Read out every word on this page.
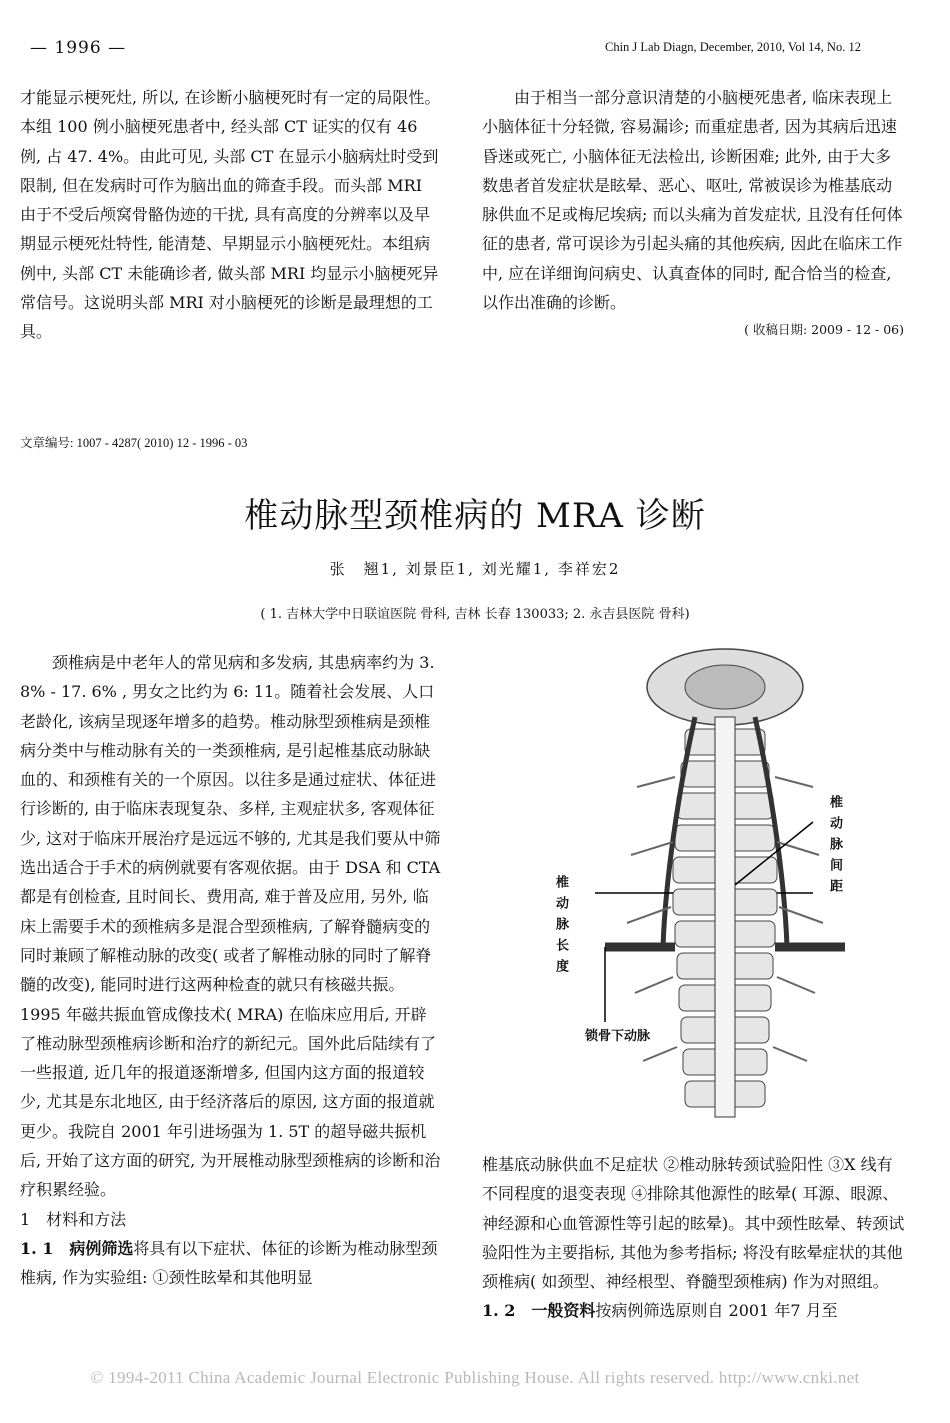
— 1996 —	Chin J Lab Diagn, December, 2010, Vol 14, No. 12

才能显示梗死灶, 所以, 在诊断小脑梗死时有一定的局限性。本组 100 例小脑梗死患者中, 经头部 CT 证实的仅有 46 例, 占 47. 4%。由此可见, 头部 CT 在显示小脑病灶时受到限制, 但在发病时可作为脑出血的筛查手段。而头部 MRI 由于不受后颅窝骨骼伪迹的干扰, 具有高度的分辨率以及早期显示梗死灶特性, 能清楚、早期显示小脑梗死灶。本组病例中, 头部 CT 未能确诊者, 做头部 MRI 均显示小脑梗死异常信号。这说明头部 MRI 对小脑梗死的诊断是最理想的工具。

由于相当一部分意识清楚的小脑梗死患者, 临床表现上小脑体征十分轻微, 容易漏诊; 而重症患者, 因为其病后迅速昏迷或死亡, 小脑体征无法检出, 诊断困难; 此外, 由于大多数患者首发症状是眩晕、恶心、呕吐, 常被误诊为椎基底动脉供血不足或梅尼埃病; 而以头痛为首发症状, 且没有任何体征的患者, 常可误诊为引起头痛的其他疾病, 因此在临床工作中, 应在详细询问病史、认真查体的同时, 配合恰当的检查, 以作出准确的诊断。

( 收稿日期: 2009 - 12 - 06)
文章编号: 1007 - 4287( 2010) 12 - 1996 - 03
椎动脉型颈椎病的 MRA 诊断
张　翘1, 刘景臣1, 刘光耀1, 李祥宏2
( 1. 吉林大学中日联谊医院 骨科, 吉林 长春 130033; 2. 永吉县医院 骨科)

颈椎病是中老年人的常见病和多发病, 其患病率约为 3. 8% - 17. 6% , 男女之比约为 6: 11。随着社会发展、人口老龄化, 该病呈现逐年增多的趋势。椎动脉型颈椎病是颈椎病分类中与椎动脉有关的一类颈椎病, 是引起椎基底动脉缺血的、和颈椎有关的一个原因。以往多是通过症状、体征进行诊断的, 由于临床表现复杂、多样, 主观症状多, 客观体征少, 这对于临床开展治疗是远远不够的, 尤其是我们要从中筛选出适合于手术的病例就要有客观依据。由于 DSA 和 CTA 都是有创检查, 且时间长、费用高, 难于普及应用, 另外, 临床上需要手术的颈椎病多是混合型颈椎病, 了解脊髓病变的同时兼顾了解椎动脉的改变( 或者了解椎动脉的同时了解脊髓的改变), 能同时进行这两种检查的就只有核磁共振。1995 年磁共振血管成像技术( MRA) 在临床应用后, 开辟了椎动脉型颈椎病诊断和治疗的新纪元。国外此后陆续有了一些报道, 近几年的报道逐渐增多, 但国内这方面的报道较少, 尤其是东北地区, 由于经济落后的原因, 这方面的报道就更少。我院自 2001 年引进场强为 1. 5T 的超导磁共振机后, 开始了这方面的研究, 为开展椎动脉型颈椎病的诊断和治疗积累经验。

1　材料和方法

1. 1　病例筛选将具有以下症状、体征的诊断为椎动脉型颈椎病, 作为实验组: ①颈性眩晕和其他明显

椎动脉间距
椎动脉长度
锁骨下动脉

椎基底动脉供血不足症状 ②椎动脉转颈试验阳性 ③X 线有不同程度的退变表现 ④排除其他源性的眩晕( 耳源、眼源、神经源和心血管源性等引起的眩晕)。其中颈性眩晕、转颈试验阳性为主要指标, 其他为参考指标; 将没有眩晕症状的其他颈椎病( 如颈型、神经根型、脊髓型颈椎病) 作为对照组。

1. 2　一般资料按病例筛选原则自 2001 年7 月至

© 1994-2011 China Academic Journal Electronic Publishing House. All rights reserved. http://www.cnki.net
